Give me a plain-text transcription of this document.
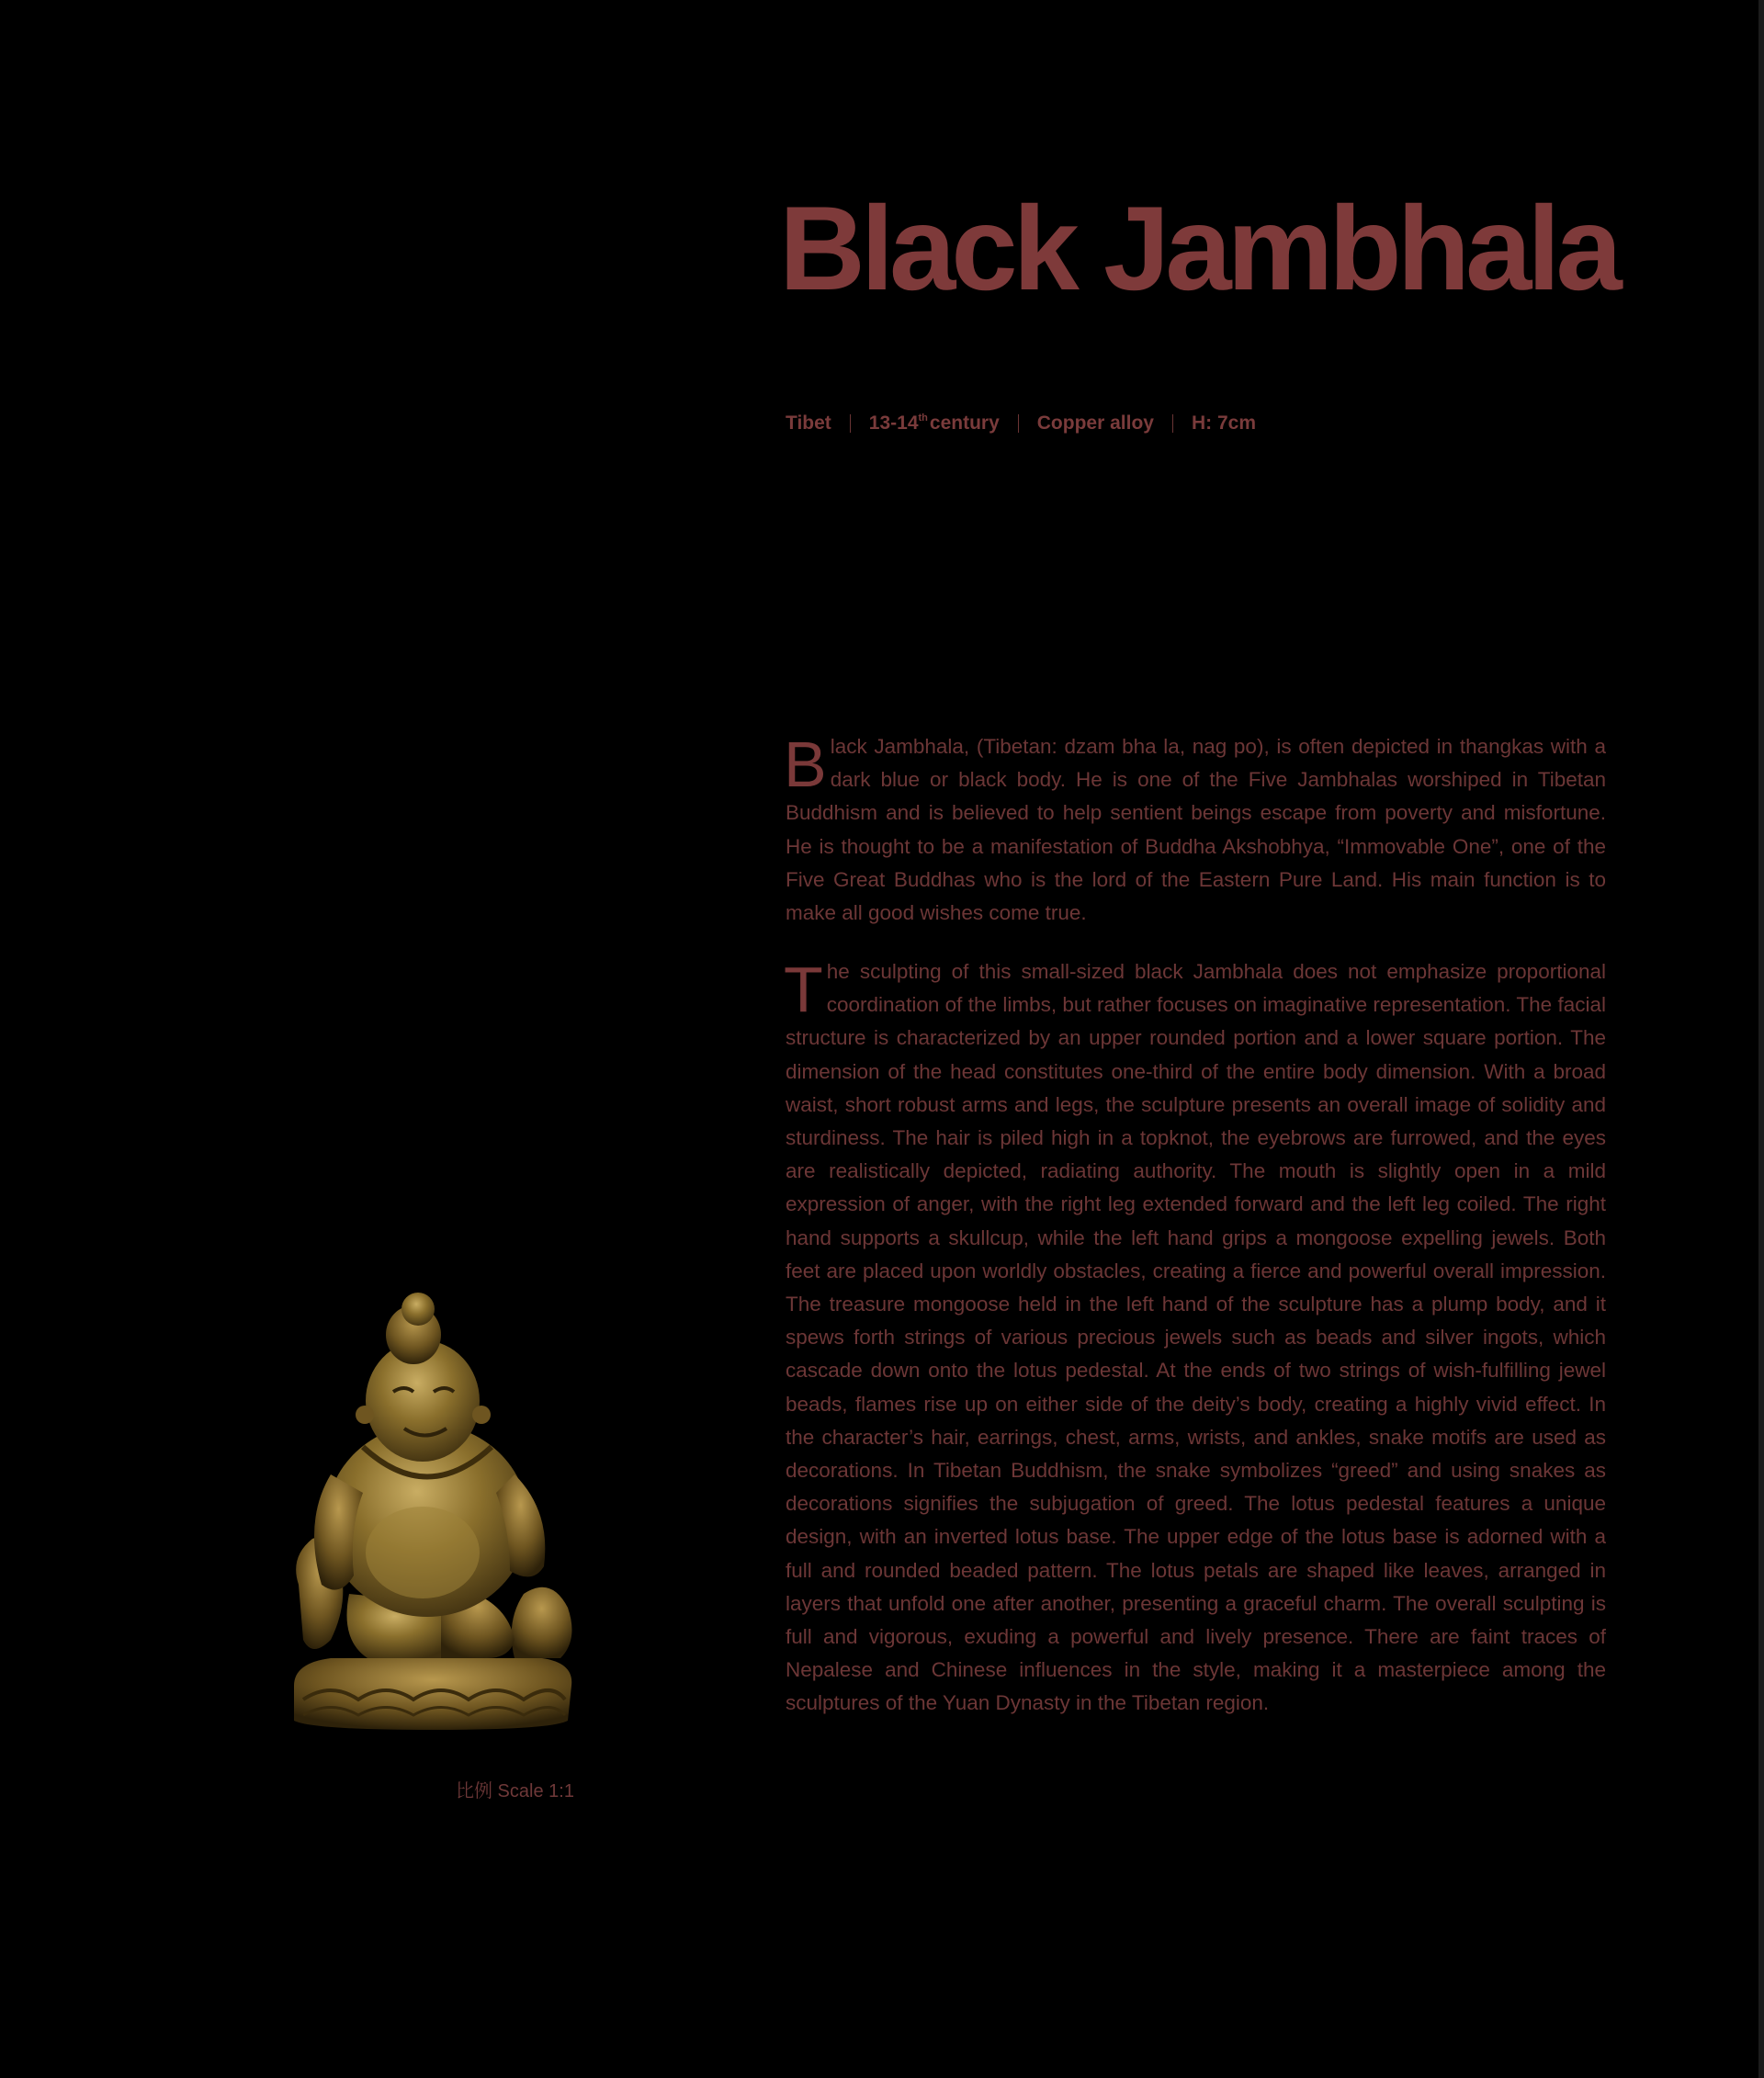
Black Jambhala
Tibet 13-14thcentury Copper alloy H: 7cm
Black Jambhala, (Tibetan: dzam bha la, nag po), is often depicted in thangkas with a dark blue or black body. He is one of the Five Jambhalas worshiped in Tibetan Buddhism and is believed to help sentient beings escape from poverty and misfortune. He is thought to be a manifestation of Buddha Akshobhya, “Immovable One”, one of the Five Great Buddhas who is the lord of the Eastern Pure Land. His main function is to make all good wishes come true.
The sculpting of this small-sized black Jambhala does not emphasize proportional coordination of the limbs, but rather focuses on imaginative representation. The facial structure is characterized by an upper rounded portion and a lower square portion. The dimension of the head constitutes one-third of the entire body dimension. With a broad waist, short robust arms and legs, the sculpture presents an overall image of solidity and sturdiness. The hair is piled high in a topknot, the eyebrows are furrowed, and the eyes are realistically depicted, radiating authority. The mouth is slightly open in a mild expression of anger, with the right leg extended forward and the left leg coiled. The right hand supports a skullcup, while the left hand grips a mongoose expelling jewels. Both feet are placed upon worldly obstacles, creating a fierce and powerful overall impression. The treasure mongoose held in the left hand of the sculpture has a plump body, and it spews forth strings of various precious jewels such as beads and silver ingots, which cascade down onto the lotus pedestal. At the ends of two strings of wish-fulfilling jewel beads, flames rise up on either side of the deity’s body, creating a highly vivid effect. In the character’s hair, earrings, chest, arms, wrists, and ankles, snake motifs are used as decorations. In Tibetan Buddhism, the snake symbolizes “greed” and using snakes as decorations signifies the subjugation of greed. The lotus pedestal features a unique design, with an inverted lotus base. The upper edge of the lotus base is adorned with a full and rounded beaded pattern. The lotus petals are shaped like leaves, arranged in layers that unfold one after another, presenting a graceful charm. The overall sculpting is full and vigorous, exuding a powerful and lively presence. There are faint traces of Nepalese and Chinese influences in the style, making it a masterpiece among the sculptures of the Yuan Dynasty in the Tibetan region.
比例 Scale 1:1
